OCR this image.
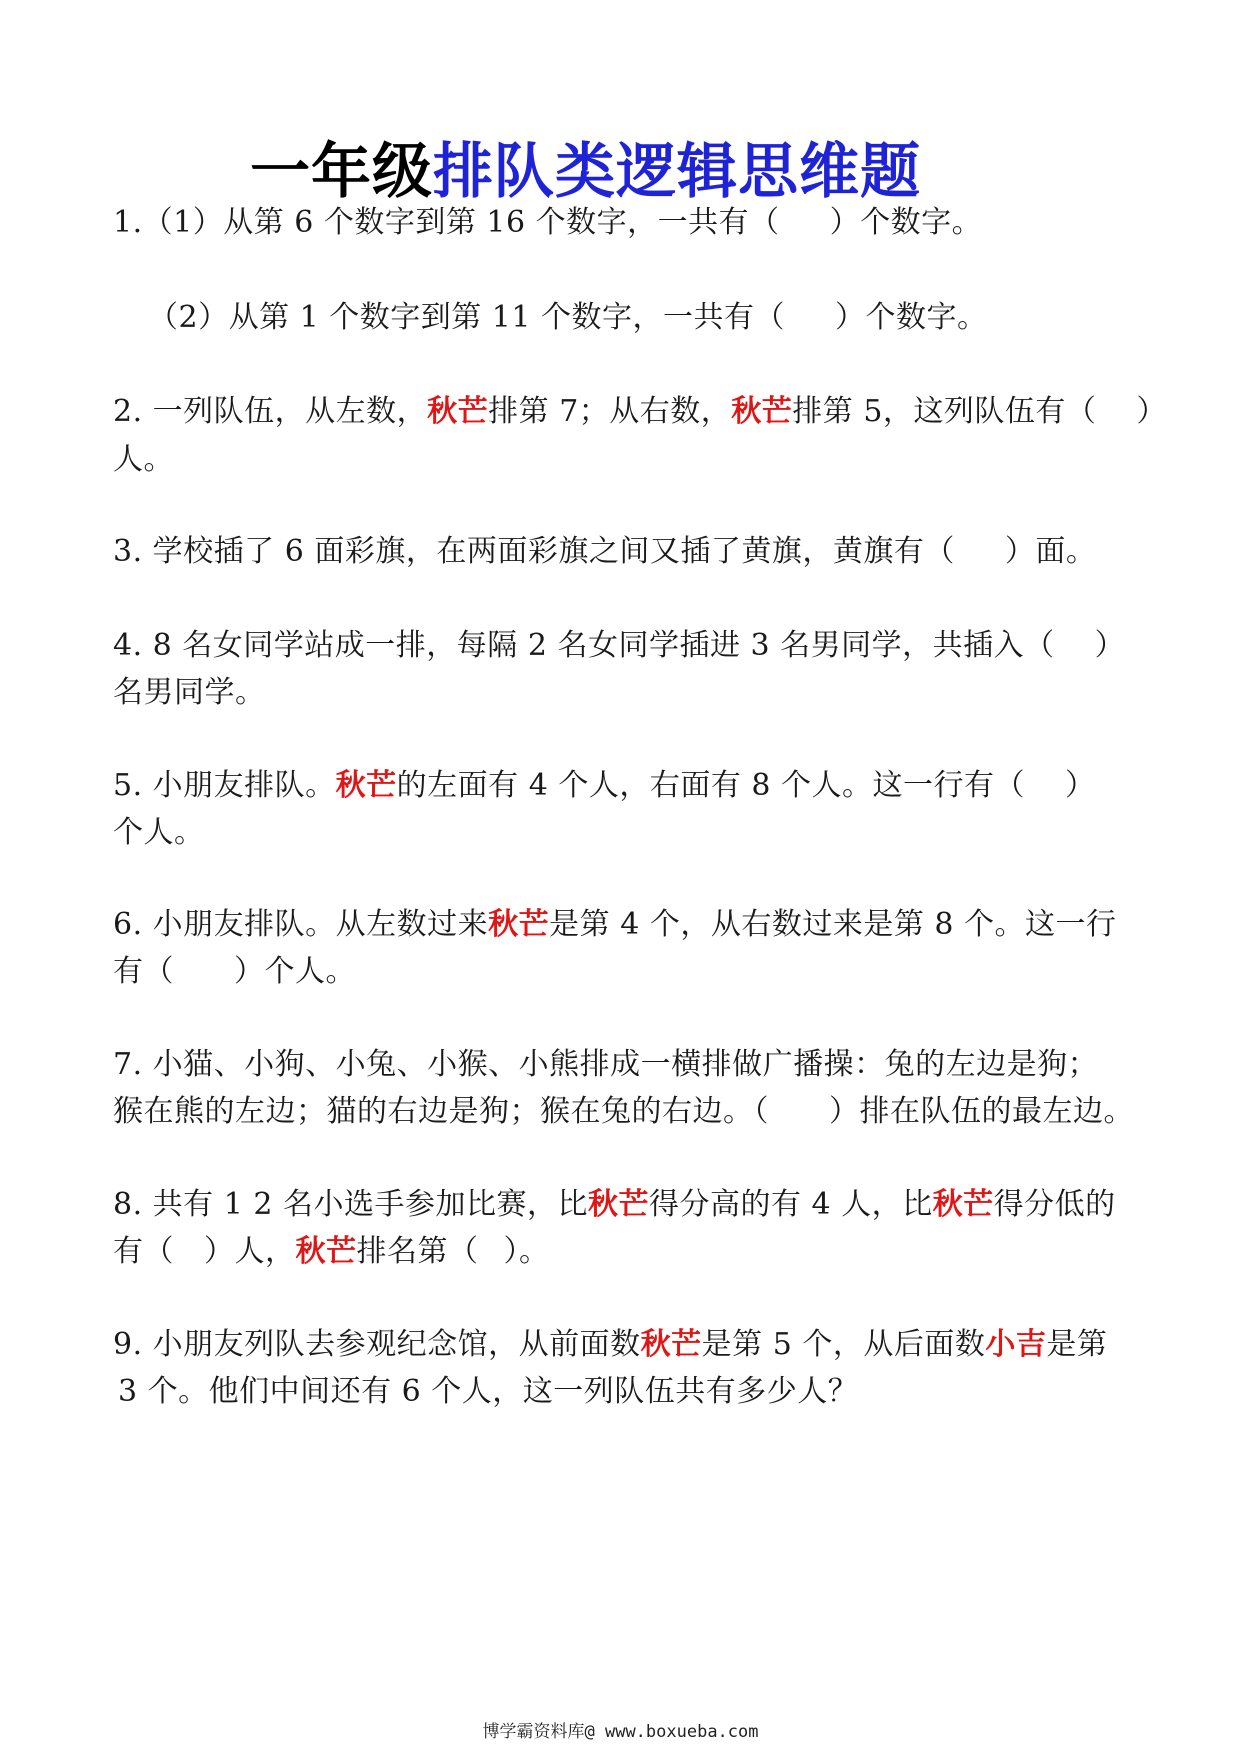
一年级排队类逻辑思维题

1.（1）从第 6 个数字到第 16 个数字，一共有（ ）个数字。

（2）从第 1 个数字到第 11 个数字，一共有（ ）个数字。

2. 一列队伍，从左数，秋芒排第 7；从右数，秋芒排第 5，这列队伍有（ ）

人。

3. 学校插了 6 面彩旗，在两面彩旗之间又插了黄旗，黄旗有（ ）面。

4. 8 名女同学站成一排，每隔 2 名女同学插进 3 名男同学，共插入（ ）

名男同学。

5. 小朋友排队。秋芒的左面有 4 个人，右面有 8 个人。这一行有（ ）

个人。

6. 小朋友排队。从左数过来秋芒是第 4 个，从右数过来是第 8 个。这一行

有（ ）个人。

7. 小猫、小狗、小兔、小猴、小熊排成一横排做广播操：兔的左边是狗；

猴在熊的左边；猫的右边是狗；猴在兔的右边。（ ）排在队伍的最左边。

8. 共有 1 2 名小选手参加比赛，比秋芒得分高的有 4 人，比秋芒得分低的

有（ ）人，秋芒排名第（ ）。

9. 小朋友列队去参观纪念馆，从前面数秋芒是第 5 个，从后面数小吉是第

3 个。他们中间还有 6 个人，这一列队伍共有多少人？

博学霸资料库@ www.boxueba.com
